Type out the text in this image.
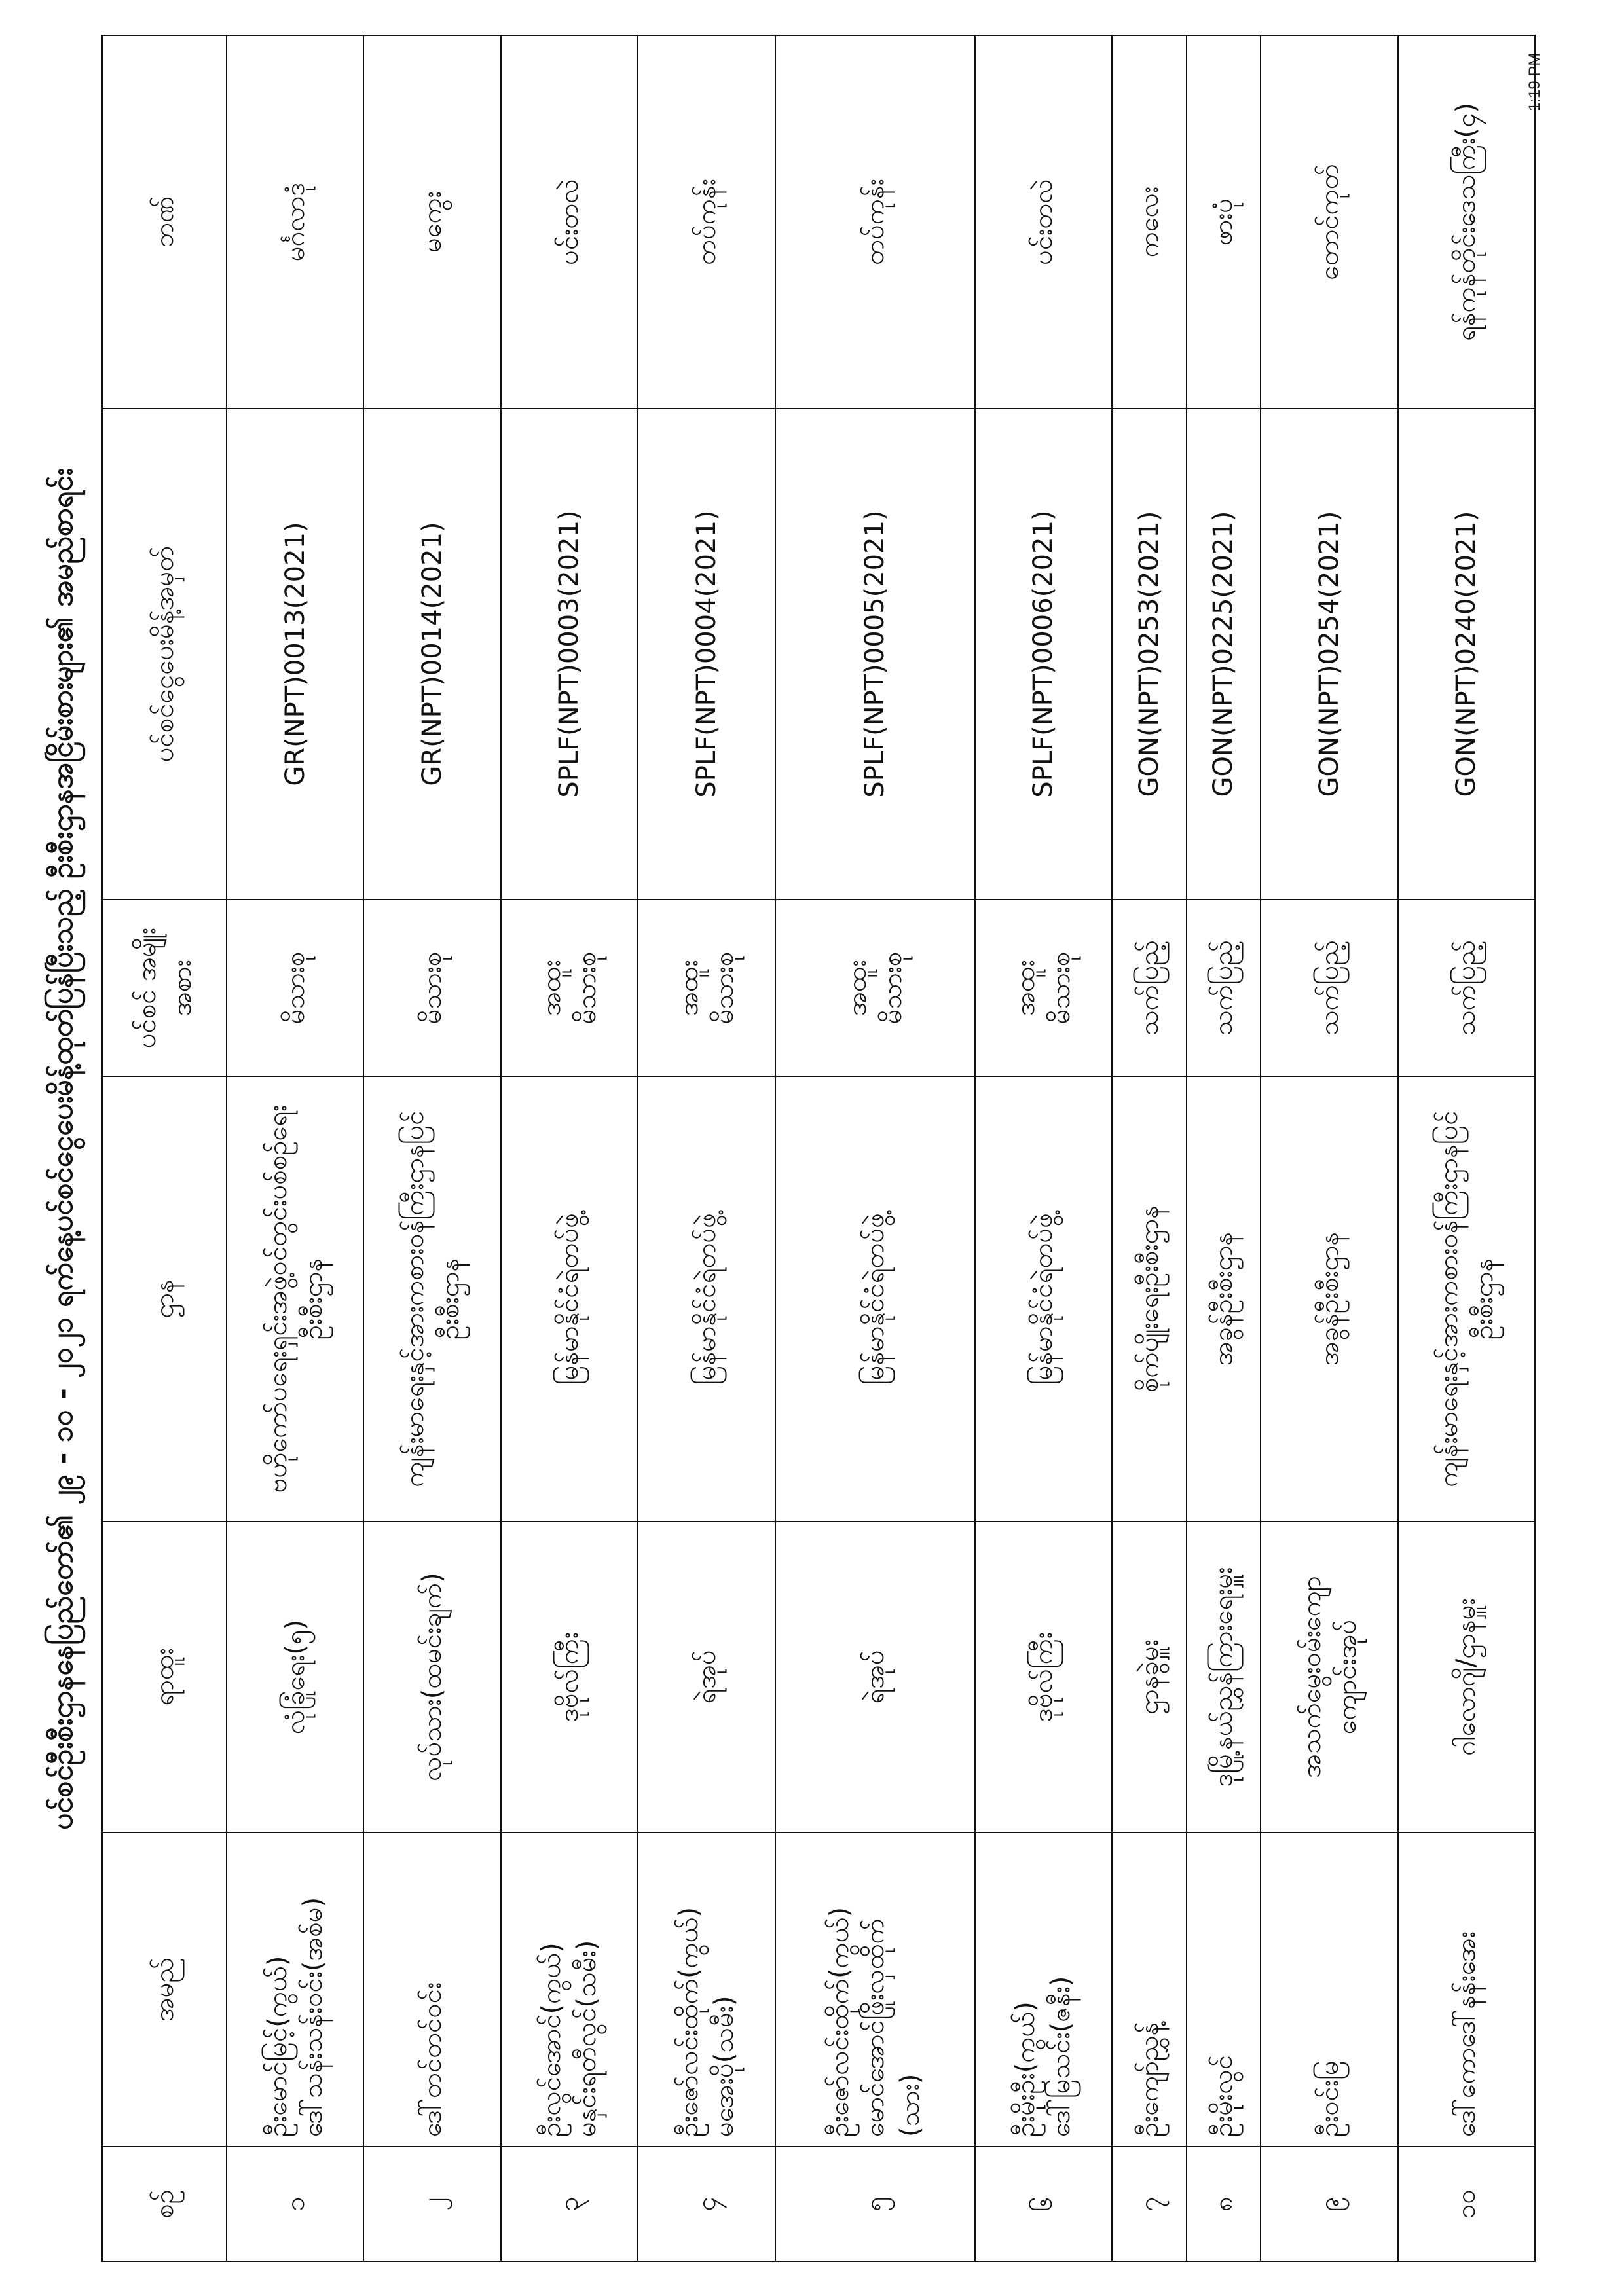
1:19 PM
ပင်စင်ဦးစီးဌာနနေပြည်တော်၏ ၂၉ - ၁၀ - ၂၀၂၁ ရက်နေ့ပင်စင်ငွေပေးမိန့်ထုတ်ပြန်ပြီးသည့် ဦးစီးဌာနအငြိမ်းစားများ၏ အမည်စာရင်း
စဉ်	အမည်	ရာထူး	ဌာန	ပင်စင် အမျိုးအစား	ပင်စင်ငွေပေးမိန့်အမှတ်	ဘဏ်
၁	ဦးမောင်မြင့်(ကွယ်) ဒေါ်သန်းသန်းဝင်း(အစ်မ)	လုံခြုံရေး(၅)	ဗဟိုကော်ပရေးရှင်းအဖွဲ့ဝင်တွင်းပစ်စဉ်ရေး ဦးစီးဌာန	မိသားစု	GR(NPT)0013(2021)	မင်္ဂလာဒုံ
၂	ဒေါ်တင်တင်ဝင်း	လုပ်သား(ထမင်းချက်)	ကျန်းမာရေးနှင့်အားကစားဝန်ကြီးဌာနပြင် ဦးစီးဌာန	မိသားစု	GR(NPT)0014(2021)	မကွေး
၃	ဦးလွင်အောင်(ကွယ်) မနှင်းရတီလွင်(သမီး)	ဒုဗိုလ်ကြီး	မြန်မာနိုင်ငံရဲတပ်ဖွဲ့	အထူး မိသားစု	SPLF(NPT)0003(2021)	ပင်းတလဲ
၄	ဦးဇော်လင်းထိုက်(ကွယ်) မအေးပို(သမီး)	ရဲအုပ်	မြန်မာနိုင်ငံရဲတပ်ဖွဲ့	အထူး မိသားစု	SPLF(NPT)0004(2021)	တပ်ကုန်း
၅	ဦးဇော်လင်းထိုက်(ကွယ်) မောင်အောင်ဖြိုးလှထိုက် (သား)	ရဲအုပ်	မြန်မာနိုင်ငံရဲတပ်ဖွဲ့	အထူး မိသားစု	SPLF(NPT)0005(2021)	တပ်ကုန်း
၆	ဦးမိုးဦး(ကွယ်) ဒေါ်မြသင်း(ဇနီး)	ဒုဗိုလ်ကြီး	မြန်မာနိုင်ငံရဲတပ်ဖွဲ့	အထူး မိသားစု	SPLF(NPT)0006(2021)	ပင်းတလဲ
၇	ဦးကျော်ညွှန့်	ဌာနခွဲမှူး	စိုက်ပျိုးရေးဦးစီးဌာန	သက်ပြည့်	GON(NPT)0253(2021)	ကလေး
၈	ဦးမိုးလွင်	ဒုမြို့နယ်ညွှန်ကြားရေးမှူး	အခွန်ဦးစီးဌာန	သက်ပြည့်	GON(NPT)0225(2021)	ဖားပုံ
၉	ဦးဝင်းမြ	အသက်မွေးဝမ်းကျော ကျောင်းအုပ်	အခွန်ဦးစီးဌာန	သက်ပြည့်	GON(NPT)0254(2021)	တောင်ကုတ်
၁၀	ဒေါ်ကောဒေါ်နန်းအေး	ဂါလောဂျိ/ဌာနမှူး	ကျန်းမာရေးနှင့်အားကစားဝန်ကြီးဌာနပြင် ဦးစီးဌာန	သက်ပြည့်	GON(NPT)0240(2021)	ရန်ကုန်တိုင်းဒေသကြီး(၄)
